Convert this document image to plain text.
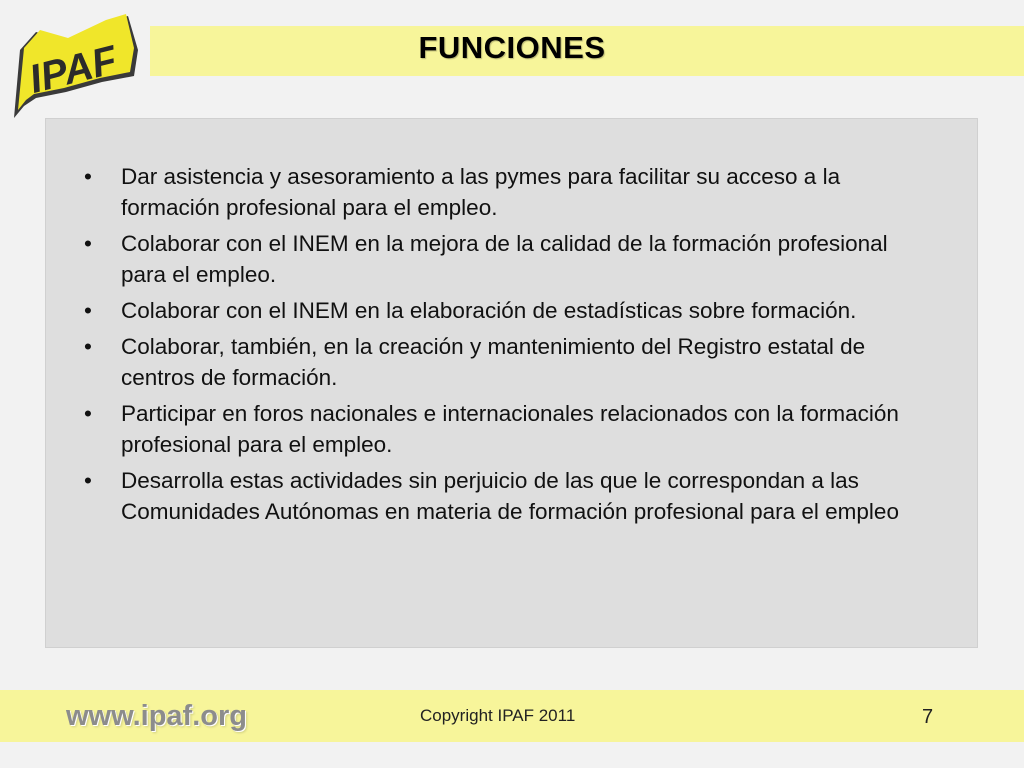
IPAF	FUNCIONES
• Dar asistencia y asesoramiento a las pymes para facilitar su acceso a la formación profesional para el empleo.
• Colaborar con el INEM en la mejora de la calidad de la formación profesional para el empleo.
• Colaborar con el INEM en la elaboración de estadísticas sobre formación.
• Colaborar, también, en la creación y mantenimiento del Registro estatal de centros de formación.
• Participar en foros nacionales e internacionales relacionados con la formación profesional para el empleo.
• Desarrolla estas actividades sin perjuicio de las que le correspondan a las Comunidades Autónomas en materia de formación profesional para el empleo
www.ipaf.org	Copyright IPAF 2011	7
